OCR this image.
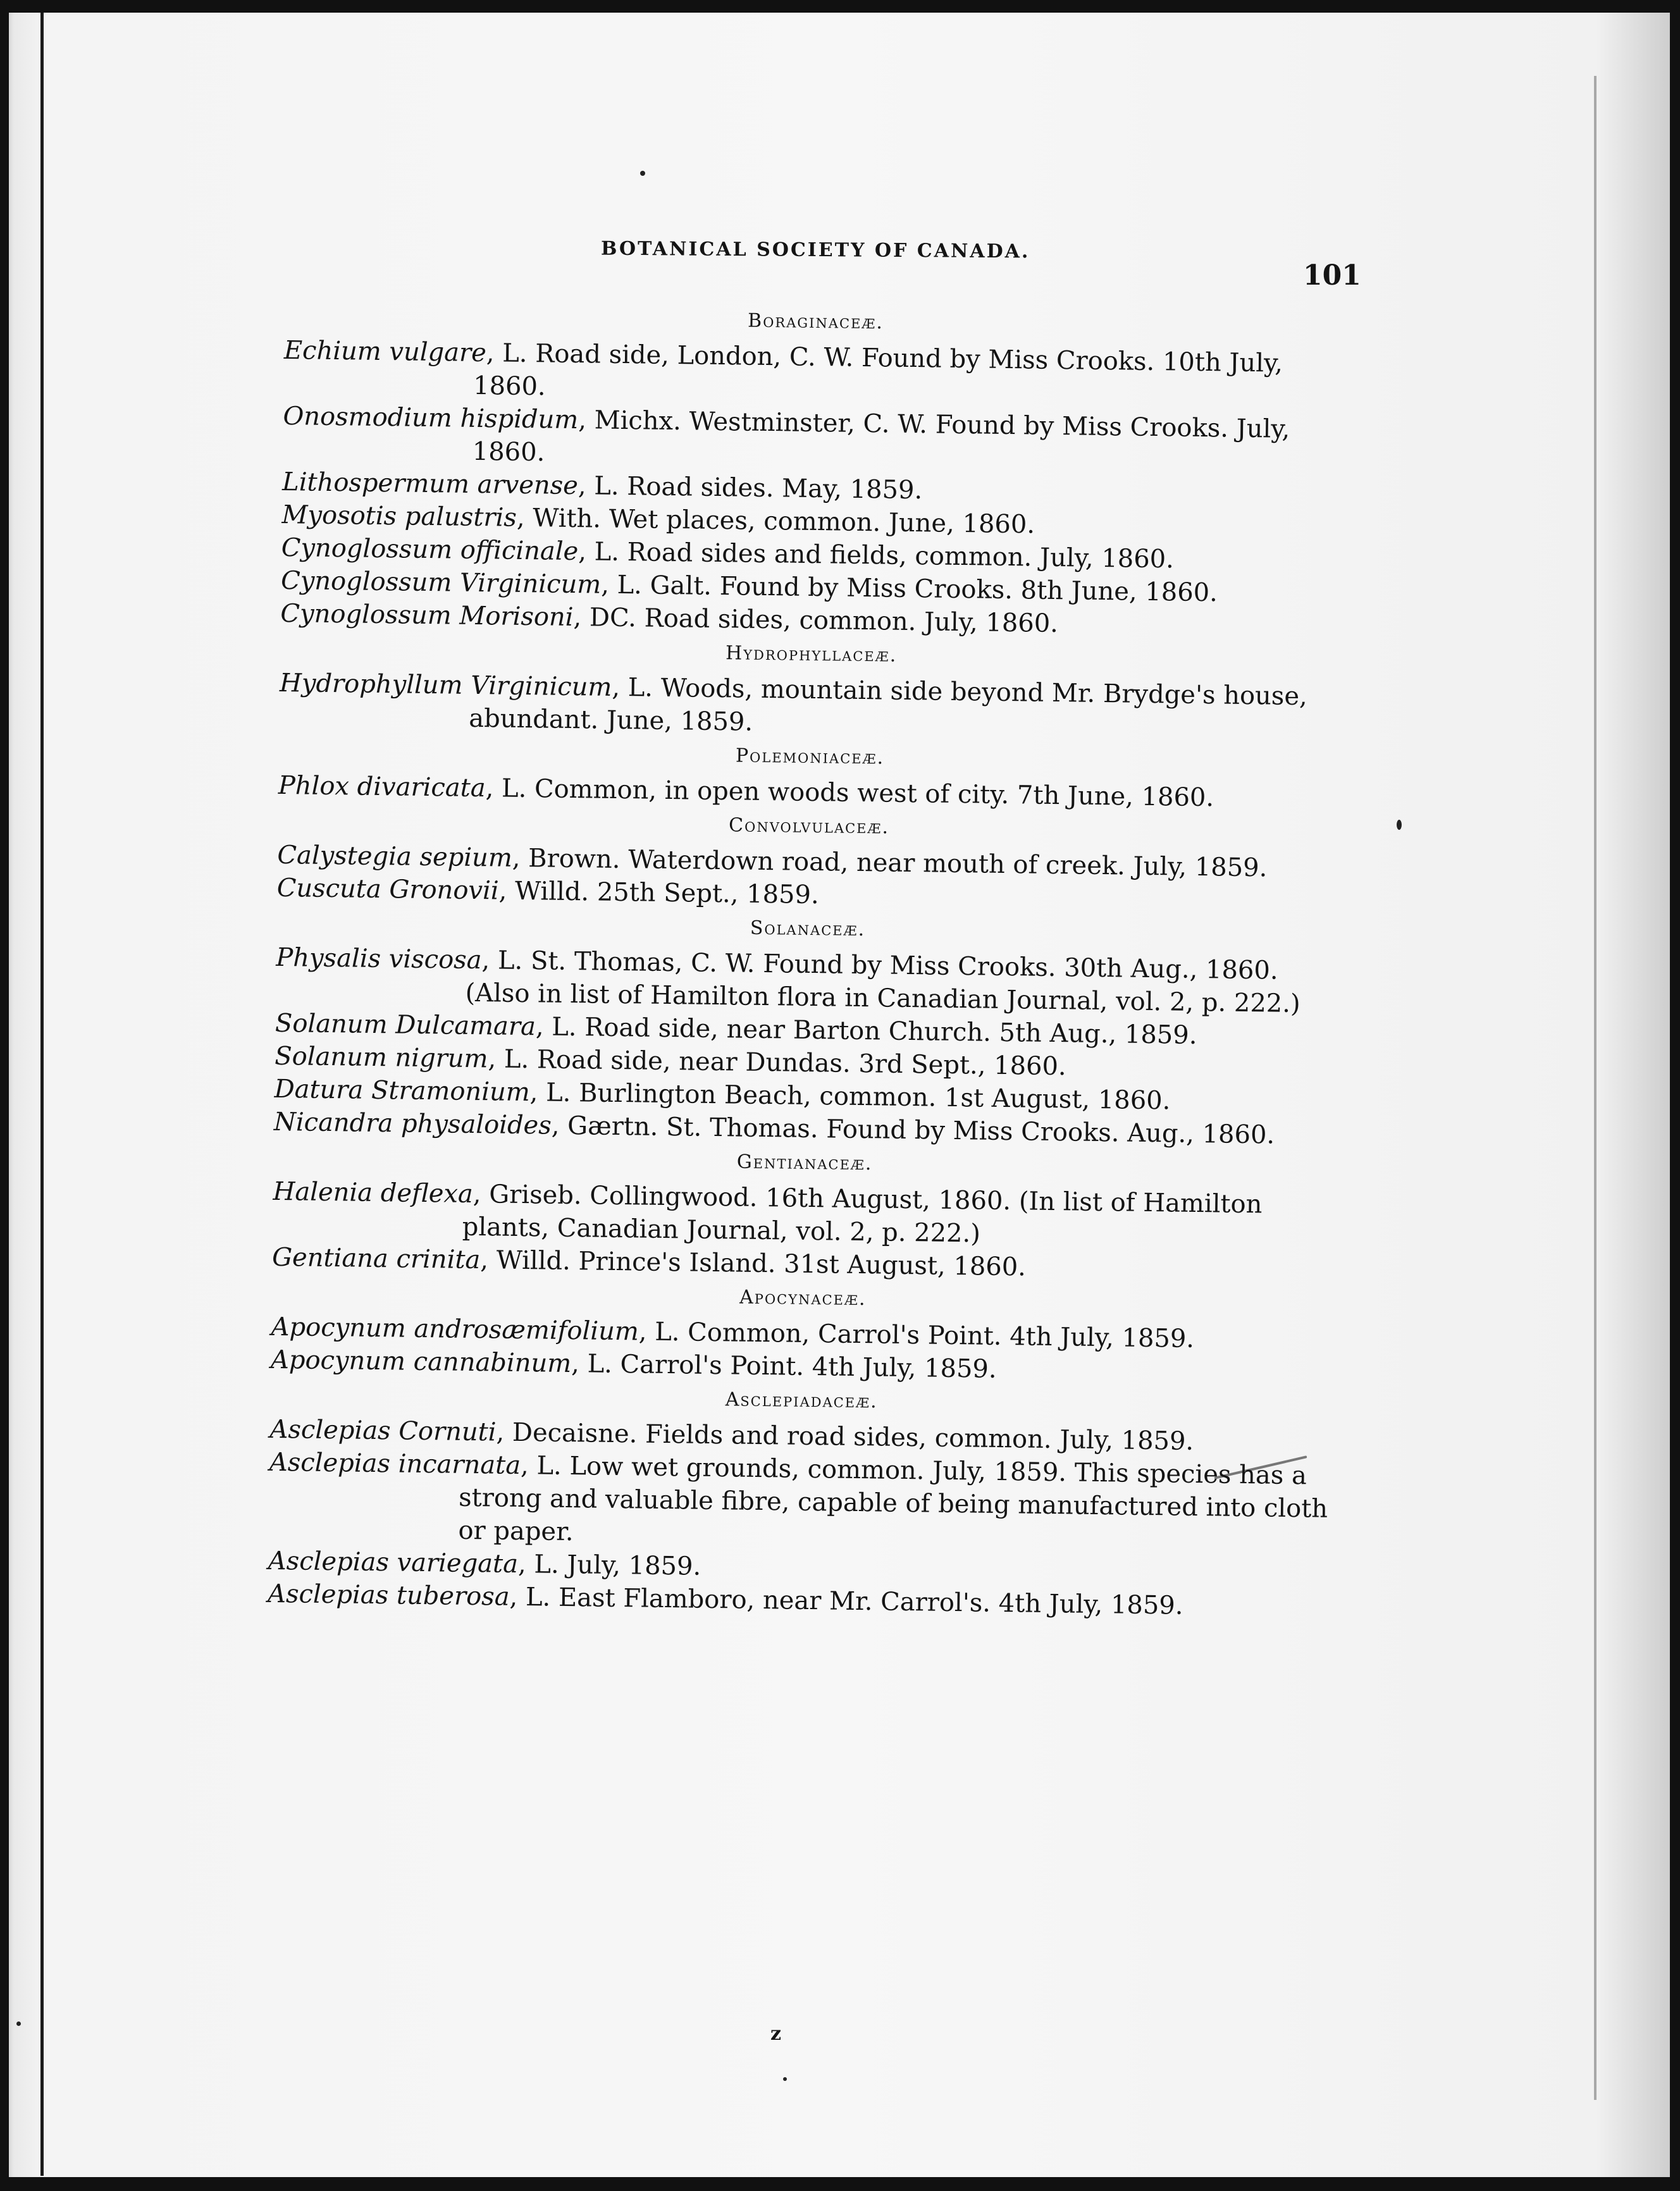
BOTANICAL SOCIETY OF CANADA.
101
Boraginaceæ.

Echium vulgare, L. Road side, London, C. W. Found by Miss Crooks. 10th July, 1860.

Onosmodium hispidum, Michx. Westminster, C. W. Found by Miss Crooks. July, 1860.

Lithospermum arvense, L. Road sides. May, 1859.

Myosotis palustris, With. Wet places, common. June, 1860.

Cynoglossum officinale, L. Road sides and fields, common. July, 1860.

Cynoglossum Virginicum, L. Galt. Found by Miss Crooks. 8th June, 1860.

Cynoglossum Morisoni, DC. Road sides, common. July, 1860.

Hydrophyllaceæ.

Hydrophyllum Virginicum, L. Woods, mountain side beyond Mr. Brydge's house, abundant. June, 1859.

Polemoniaceæ.

Phlox divaricata, L. Common, in open woods west of city. 7th June, 1860.

Convolvulaceæ.

Calystegia sepium, Brown. Waterdown road, near mouth of creek. July, 1859.

Cuscuta Gronovii, Willd. 25th Sept., 1859.

Solanaceæ.

Physalis viscosa, L. St. Thomas, C. W. Found by Miss Crooks. 30th Aug., 1860. (Also in list of Hamilton flora in Canadian Journal, vol. 2, p. 222.)

Solanum Dulcamara, L. Road side, near Barton Church. 5th Aug., 1859.

Solanum nigrum, L. Road side, near Dundas. 3rd Sept., 1860.

Datura Stramonium, L. Burlington Beach, common. 1st August, 1860.

Nicandra physaloides, Gærtn. St. Thomas. Found by Miss Crooks. Aug., 1860.

Gentianaceæ.

Halenia deflexa, Griseb. Collingwood. 16th August, 1860. (In list of Hamilton plants, Canadian Journal, vol. 2, p. 222.)

Gentiana crinita, Willd. Prince's Island. 31st August, 1860.

Apocynaceæ.

Apocynum androsæmifolium, L. Common, Carrol's Point. 4th July, 1859.

Apocynum cannabinum, L. Carrol's Point. 4th July, 1859.

Asclepiadaceæ.

Asclepias Cornuti, Decaisne. Fields and road sides, common. July, 1859.

Asclepias incarnata, L. Low wet grounds, common. July, 1859. This species has a strong and valuable fibre, capable of being manufactured into cloth or paper.

Asclepias variegata, L. July, 1859.

Asclepias tuberosa, L. East Flamboro, near Mr. Carrol's. 4th July, 1859.

z
